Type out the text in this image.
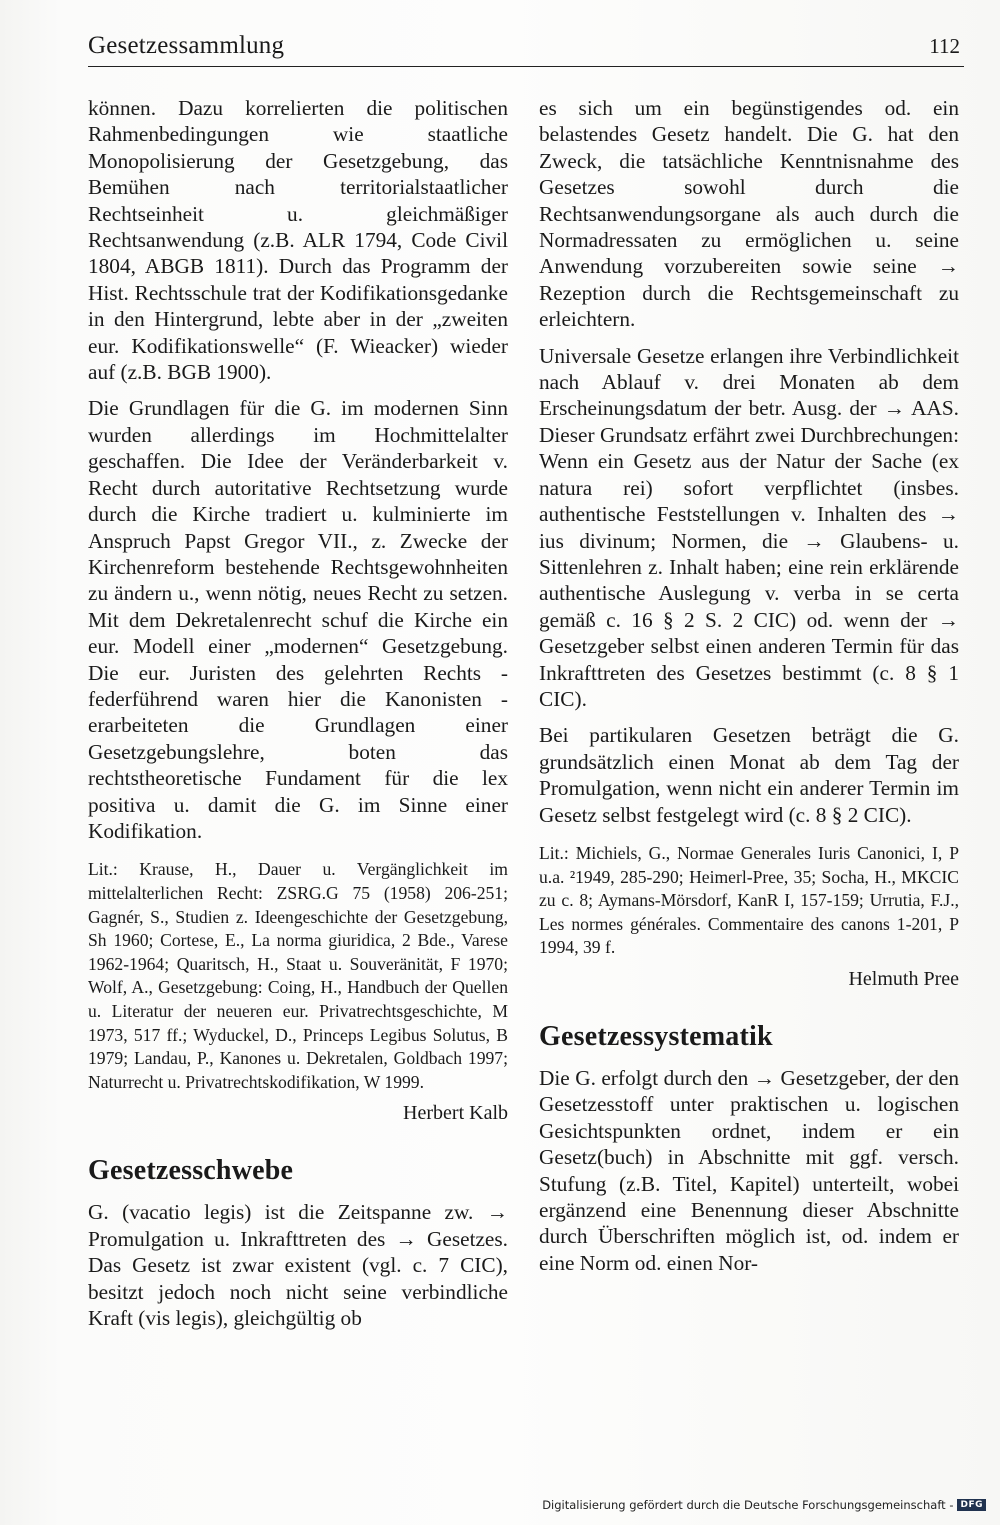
Gesetzessammlung	112

können. Dazu korrelierten die politischen Rahmenbedingungen wie staatliche Monopolisierung der Gesetzgebung, das Bemühen nach territorialstaatlicher Rechtseinheit u. gleichmäßiger Rechtsanwendung (z.B. ALR 1794, Code Civil 1804, ABGB 1811). Durch das Programm der Hist. Rechtsschule trat der Kodifikationsgedanke in den Hintergrund, lebte aber in der „zweiten eur. Kodifikationswelle“ (F. Wieacker) wieder auf (z.B. BGB 1900).

Die Grundlagen für die G. im modernen Sinn wurden allerdings im Hochmittelalter geschaffen. Die Idee der Veränderbarkeit v. Recht durch autoritative Rechtsetzung wurde durch die Kirche tradiert u. kulminierte im Anspruch Papst Gregor VII., z. Zwecke der Kirchenreform bestehende Rechtsgewohnheiten zu ändern u., wenn nötig, neues Recht zu setzen. Mit dem Dekretalenrecht schuf die Kirche ein eur. Modell einer „modernen“ Gesetzgebung. Die eur. Juristen des gelehrten Rechts - federführend waren hier die Kanonisten - erarbeiteten die Grundlagen einer Gesetzgebungslehre, boten das rechtstheoretische Fundament für die lex positiva u. damit die G. im Sinne einer Kodifikation.

Lit.: Krause, H., Dauer u. Vergänglichkeit im mittelalterlichen Recht: ZSRG.G 75 (1958) 206-251; Gagnér, S., Studien z. Ideengeschichte der Gesetzgebung, Sh 1960; Cortese, E., La norma giuridica, 2 Bde., Varese 1962-1964; Quaritsch, H., Staat u. Souveränität, F 1970; Wolf, A., Gesetzgebung: Coing, H., Handbuch der Quellen u. Literatur der neueren eur. Privatrechtsgeschichte, M 1973, 517 ff.; Wyduckel, D., Princeps Legibus Solutus, B 1979; Landau, P., Kanones u. Dekretalen, Goldbach 1997; Naturrecht u. Privatrechtskodifikation, W 1999.

Herbert Kalb
Gesetzesschwebe

G. (vacatio legis) ist die Zeitspanne zw. → Promulgation u. Inkrafttreten des → Gesetzes. Das Gesetz ist zwar existent (vgl. c. 7 CIC), besitzt jedoch noch nicht seine verbindliche Kraft (vis legis), gleichgültig ob

es sich um ein begünstigendes od. ein belastendes Gesetz handelt. Die G. hat den Zweck, die tatsächliche Kenntnisnahme des Gesetzes sowohl durch die Rechtsanwendungsorgane als auch durch die Normadressaten zu ermöglichen u. seine Anwendung vorzubereiten sowie seine → Rezeption durch die Rechtsgemeinschaft zu erleichtern.

Universale Gesetze erlangen ihre Verbindlichkeit nach Ablauf v. drei Monaten ab dem Erscheinungsdatum der betr. Ausg. der → AAS. Dieser Grundsatz erfährt zwei Durchbrechungen: Wenn ein Gesetz aus der Natur der Sache (ex natura rei) sofort verpflichtet (insbes. authentische Feststellungen v. Inhalten des → ius divinum; Normen, die → Glaubens- u. Sittenlehren z. Inhalt haben; eine rein erklärende authentische Auslegung v. verba in se certa gemäß c. 16 § 2 S. 2 CIC) od. wenn der → Gesetzgeber selbst einen anderen Termin für das Inkrafttreten des Gesetzes bestimmt (c. 8 § 1 CIC).

Bei partikularen Gesetzen beträgt die G. grundsätzlich einen Monat ab dem Tag der Promulgation, wenn nicht ein anderer Termin im Gesetz selbst festgelegt wird (c. 8 § 2 CIC).

Lit.: Michiels, G., Normae Generales Iuris Canonici, I, P u.a. ²1949, 285-290; Heimerl-Pree, 35; Socha, H., MKCIC zu c. 8; Aymans-Mörsdorf, KanR I, 157-159; Urrutia, F.J., Les normes générales. Commentaire des canons 1-201, P 1994, 39 f.

Helmuth Pree
Gesetzessystematik

Die G. erfolgt durch den → Gesetzgeber, der den Gesetzesstoff unter praktischen u. logischen Gesichtspunkten ordnet, indem er ein Gesetz(buch) in Abschnitte mit ggf. versch. Stufung (z.B. Titel, Kapitel) unterteilt, wobei ergänzend eine Benennung dieser Abschnitte durch Überschriften möglich ist, od. indem er eine Norm od. einen Nor-

Digitalisierung gefördert durch die Deutsche Forschungsgemeinschaft - DFG
